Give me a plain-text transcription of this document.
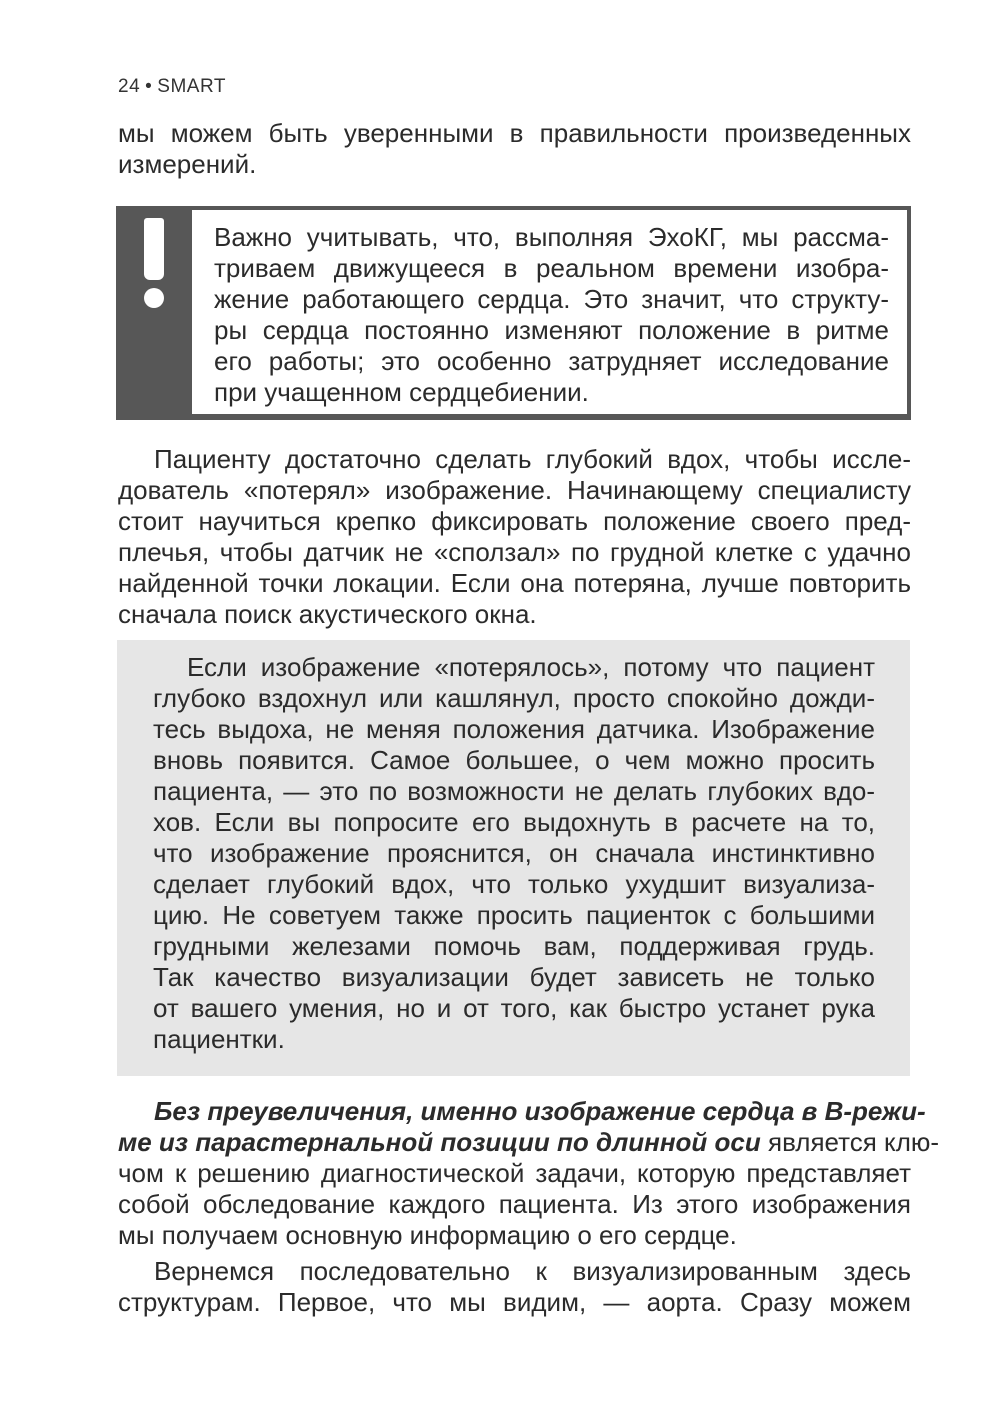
24 • SMART

мы можем быть уверенными в правильности произведенных
измерений.

Важно учитывать, что, выполняя ЭхоКГ, мы рассма-
триваем движущееся в реальном времени изобра-
жение работающего сердца. Это значит, что структу-
ры сердца постоянно изменяют положение в ритме
его работы; это особенно затрудняет исследование
при учащенном сердцебиении.

Пациенту достаточно сделать глубокий вдох, чтобы иссле-
дователь «потерял» изображение. Начинающему специалисту
стоит научиться крепко фиксировать положение своего пред-
плечья, чтобы датчик не «сползал» по грудной клетке с удачно
найденной точки локации. Если она потеряна, лучше повторить
сначала поиск акустического окна.

Если изображение «потерялось», потому что пациент
глубоко вздохнул или кашлянул, просто спокойно дожди-
тесь выдоха, не меняя положения датчика. Изображение
вновь появится. Самое большее, о чем можно просить
пациента, — это по возможности не делать глубоких вдо-
хов. Если вы попросите его выдохнуть в расчете на то,
что изображение прояснится, он сначала инстинктивно
сделает глубокий вдох, что только ухудшит визуализа-
цию. Не советуем также просить пациенток с большими
грудными железами помочь вам, поддерживая грудь.
Так качество визуализации будет зависеть не только
от вашего умения, но и от того, как быстро устанет рука
пациентки.

Без преувеличения, именно изображение сердца в В-режи-
ме из парастернальной позиции по длинной оси является клю-
чом к решению диагностической задачи, которую представляет
собой обследование каждого пациента. Из этого изображения
мы получаем основную информацию о его сердце.

Вернемся последовательно к визуализированным здесь
структурам. Первое, что мы видим, — аорта. Сразу можем
